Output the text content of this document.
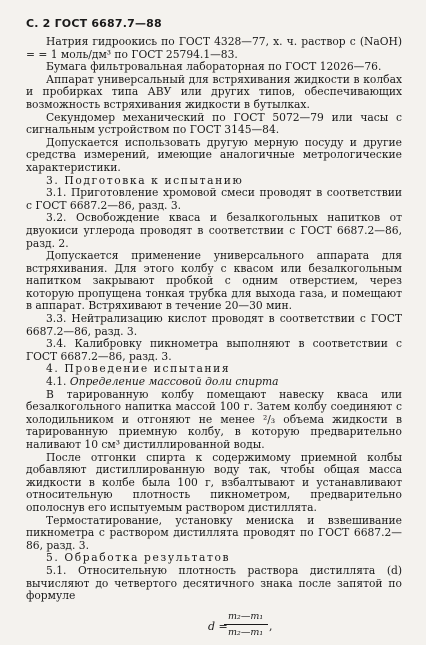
С. 2 ГОСТ 6687.7—88

Натрия гидроокись по ГОСТ 4328—77, х. ч. раствор c (NaOH) = = 1 моль/дм³ по ГОСТ 25794.1—83.

Бумага фильтровальная лабораторная по ГОСТ 12026—76.

Аппарат универсальный для встряхивания жидкости в колбах и пробирках типа АВУ или других типов, обеспечивающих возможность встряхивания жидкости в бутылках.

Секундомер механический по ГОСТ 5072—79 или часы с сигнальным устройством по ГОСТ 3145—84.

Допускается использовать другую мерную посуду и другие средства измерений, имеющие аналогичные метрологические характеристики.

3. Подготовка к испытанию

3.1. Приготовление хромовой смеси проводят в соответствии с ГОСТ 6687.2—86, разд. 3.

3.2. Освобождение кваса и безалкогольных напитков от двуокиси углерода проводят в соответствии с ГОСТ 6687.2—86, разд. 2.

Допускается применение универсального аппарата для встряхивания. Для этого колбу с квасом или безалкогольным напитком закрывают пробкой с одним отверстием, через которую пропущена тонкая трубка для выхода газа, и помещают в аппарат. Встряхивают в течение 20—30 мин.

3.3. Нейтрализацию кислот проводят в соответствии с ГОСТ 6687.2—86, разд. 3.

3.4. Калибровку пикнометра выполняют в соответствии с ГОСТ 6687.2—86, разд. 3.

4. Проведение испытания

4.1. Определение массовой доли спирта

В тарированную колбу помещают навеску кваса или безалкогольного напитка массой 100 г. Затем колбу соединяют с холодильником и отгоняют не менее ²/₃ объема жидкости в тарированную приемную колбу, в которую предварительно наливают 10 см³ дистиллированной воды.

После отгонки спирта к содержимому приемной колбы добавляют дистиллированную воду так, чтобы общая масса жидкости в колбе была 100 г, взбалтывают и устанавливают относительную плотность пикнометром, предварительно ополоснув его испытуемым раствором дистиллята.

Термостатирование, установку мениска и взвешивание пикнометра с раствором дистиллята проводят по ГОСТ 6687.2—86, разд. 3.

5. Обработка результатов

5.1. Относительную плотность раствора дистиллята (d) вычисляют до четвертого десятичного знака после запятой по формуле

d =
m₂—m₁
m₂—m₁ ,
